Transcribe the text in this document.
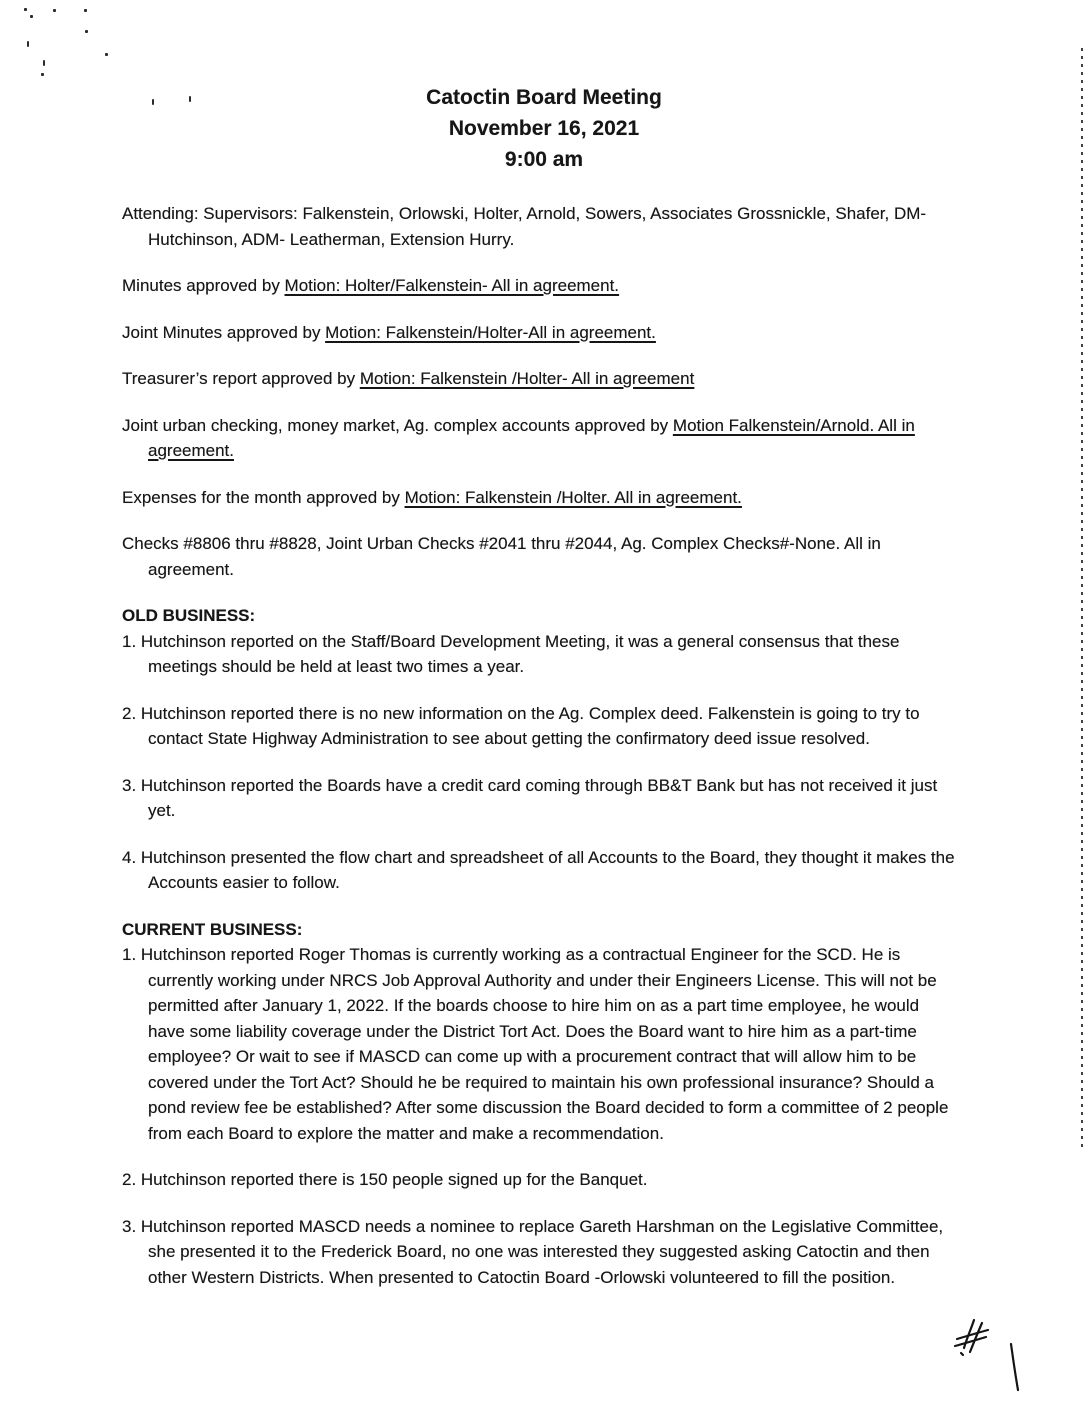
Catoctin Board Meeting
November 16, 2021
9:00 am

Attending: Supervisors: Falkenstein, Orlowski, Holter, Arnold, Sowers, Associates Grossnickle, Shafer, DM-Hutchinson, ADM- Leatherman, Extension Hurry.

Minutes approved by Motion: Holter/Falkenstein- All in agreement.

Joint Minutes approved by Motion: Falkenstein/Holter-All in agreement.

Treasurer’s report approved by Motion: Falkenstein /Holter- All in agreement

Joint urban checking, money market, Ag. complex accounts approved by Motion Falkenstein/Arnold. All in agreement.

Expenses for the month approved by Motion: Falkenstein /Holter. All in agreement.

Checks #8806 thru #8828, Joint Urban Checks #2041 thru #2044, Ag. Complex Checks#-None. All in agreement.

OLD BUSINESS:

1. Hutchinson reported on the Staff/Board Development Meeting, it was a general consensus that these meetings should be held at least two times a year.

2. Hutchinson reported there is no new information on the Ag. Complex deed. Falkenstein is going to try to contact State Highway Administration to see about getting the confirmatory deed issue resolved.

3. Hutchinson reported the Boards have a credit card coming through BB&T Bank but has not received it just yet.

4. Hutchinson presented the flow chart and spreadsheet of all Accounts to the Board, they thought it makes the Accounts easier to follow.

CURRENT BUSINESS:

1. Hutchinson reported Roger Thomas is currently working as a contractual Engineer for the SCD. He is currently working under NRCS Job Approval Authority and under their Engineers License. This will not be permitted after January 1, 2022. If the boards choose to hire him on as a part time employee, he would have some liability coverage under the District Tort Act. Does the Board want to hire him as a part-time employee? Or wait to see if MASCD can come up with a procurement contract that will allow him to be covered under the Tort Act? Should he be required to maintain his own professional insurance? Should a pond review fee be established? After some discussion the Board decided to form a committee of 2 people from each Board to explore the matter and make a recommendation.

2. Hutchinson reported there is 150 people signed up for the Banquet.

3. Hutchinson reported MASCD needs a nominee to replace Gareth Harshman on the Legislative Committee, she presented it to the Frederick Board, no one was interested they suggested asking Catoctin and then other Western Districts. When presented to Catoctin Board -Orlowski volunteered to fill the position.
